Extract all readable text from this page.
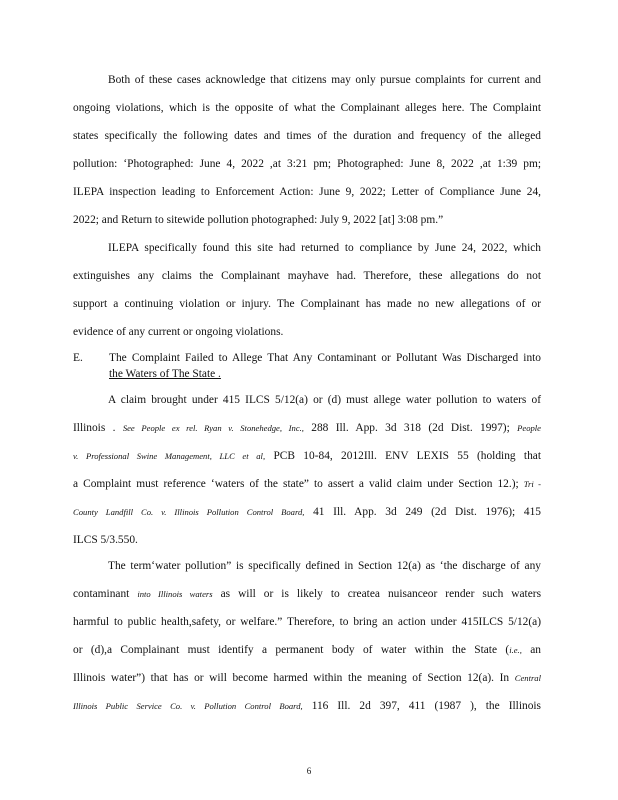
Both of these cases acknowledge that citizens may only pursue complaints for current and
ongoing violations, which is the opposite of what the Complainant alleges here. The Complaint
states specifically the following dates and times of the duration and frequency of the alleged
pollution: ‘Photographed: June 4, 2022 ,at 3:21 pm; Photographed: June 8, 2022 ,at 1:39 pm;
ILEPA inspection leading to Enforcement Action: June 9, 2022; Letter of Compliance June 24,
2022; and Return to sitewide pollution photographed: July 9, 2022 [at] 3:08 pm.”
ILEPA specifically found this site had returned to compliance by June 24, 2022, which
extinguishes any claims the Complainant mayhave had. Therefore, these allegations do not
support a continuing violation or injury. The Complainant has made no new allegations of or
evidence of any current or ongoing violations.
E. The Complaint Failed to Allege That Any Contaminant or Pollutant Was Discharged into
the Waters of The State .
A claim brought under 415 ILCS 5/12(a) or (d) must allege water pollution to waters of
Illinois . See People ex rel. Ryan v. Stonehedge, Inc., 288 Ill. App. 3d 318 (2d Dist. 1997); People
v. Professional Swine Management, LLC et al, PCB 10-84, 2012Ill. ENV LEXIS 55 (holding that
a Complaint must reference ‘waters of the state” to assert a valid claim under Section 12.); Tri -
County Landfill Co. v. Illinois Pollution Control Board, 41 Ill. App. 3d 249 (2d Dist. 1976); 415
ILCS 5/3.550.
The term‘water pollution” is specifically defined in Section 12(a) as ‘the discharge of any
contaminant into Illinois waters as will or is likely to createa nuisanceor render such waters
harmful to public health,safety, or welfare.” Therefore, to bring an action under 415ILCS 5/12(a)
or (d),a Complainant must identify a permanent body of water within the State (i.e., an
Illinois water”) that has or will become harmed within the meaning of Section 12(a). In Central
Illinois Public Service Co. v. Pollution Control Board, 116 Ill. 2d 397, 411 (1987 ), the Illinois
6
